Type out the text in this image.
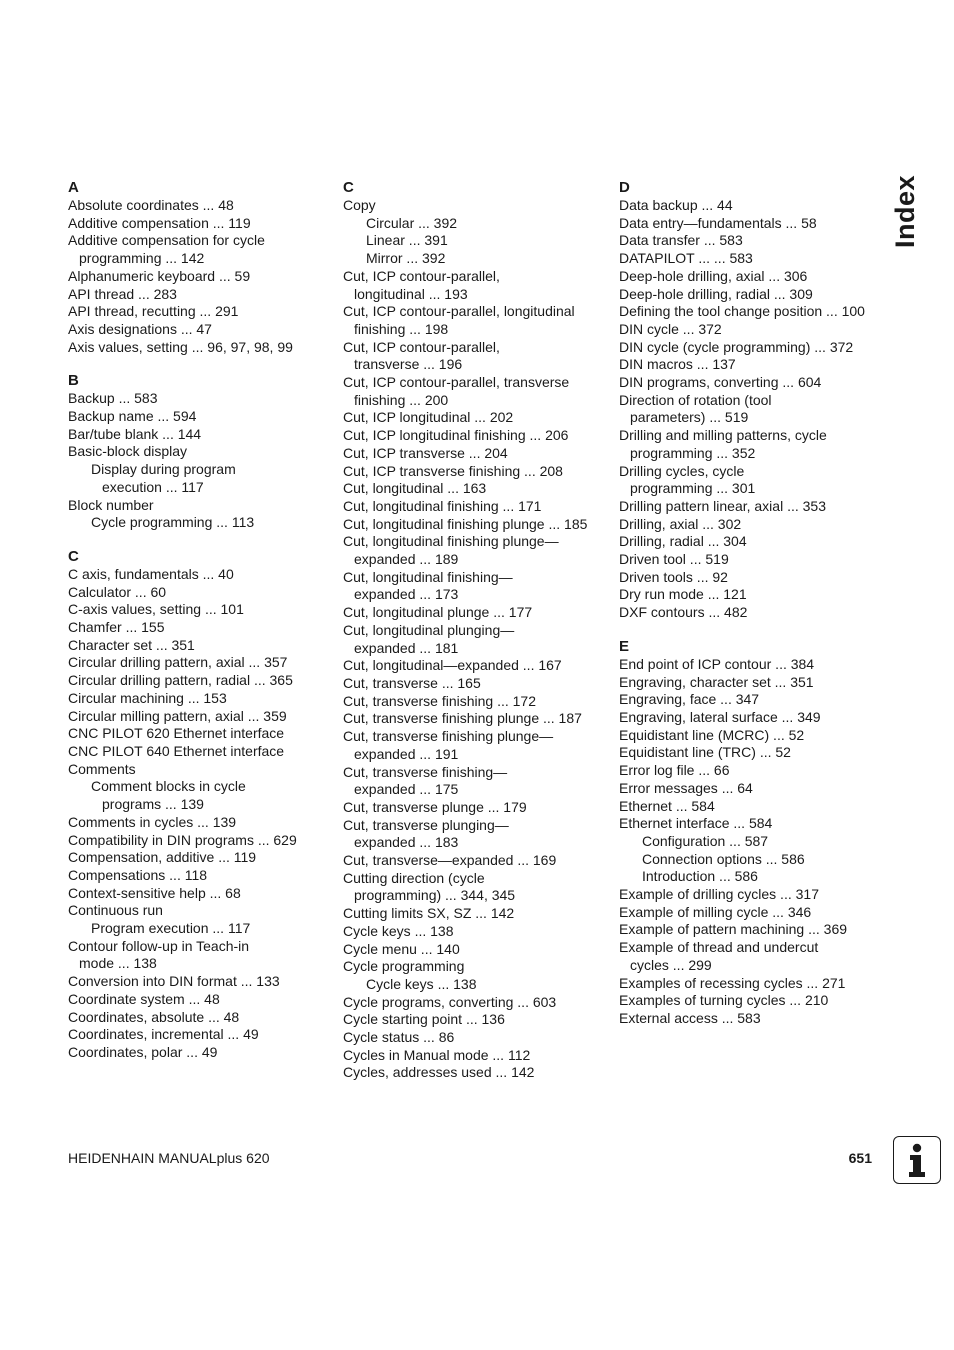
A
Absolute coordinates ... 48
Additive compensation ... 119
Additive compensation for cycle
programming ... 142
Alphanumeric keyboard ... 59
API thread ... 283
API thread, recutting ... 291
Axis designations ... 47
Axis values, setting ... 96, 97, 98, 99
B
Backup ... 583
Backup name ... 594
Bar/tube blank ... 144
Basic-block display
Display during program
execution ... 117
Block number
Cycle programming ... 113
C
C axis, fundamentals ... 40
Calculator ... 60
C-axis values, setting ... 101
Chamfer ... 155
Character set ... 351
Circular drilling pattern, axial ... 357
Circular drilling pattern, radial ... 365
Circular machining ... 153
Circular milling pattern, axial ... 359
CNC PILOT 620 Ethernet interface
CNC PILOT 640 Ethernet interface
Comments
Comment blocks in cycle
programs ... 139
Comments in cycles ... 139
Compatibility in DIN programs ... 629
Compensation, additive ... 119
Compensations ... 118
Context-sensitive help ... 68
Continuous run
Program execution ... 117
Contour follow-up in Teach-in
mode ... 138
Conversion into DIN format ... 133
Coordinate system ... 48
Coordinates, absolute ... 48
Coordinates, incremental ... 49
Coordinates, polar ... 49
C
Copy
Circular ... 392
Linear ... 391
Mirror ... 392
Cut, ICP contour-parallel,
longitudinal ... 193
Cut, ICP contour-parallel, longitudinal
finishing ... 198
Cut, ICP contour-parallel,
transverse ... 196
Cut, ICP contour-parallel, transverse
finishing ... 200
Cut, ICP longitudinal ... 202
Cut, ICP longitudinal finishing ... 206
Cut, ICP transverse ... 204
Cut, ICP transverse finishing ... 208
Cut, longitudinal ... 163
Cut, longitudinal finishing ... 171
Cut, longitudinal finishing plunge ... 185
Cut, longitudinal finishing plunge—
expanded ... 189
Cut, longitudinal finishing—
expanded ... 173
Cut, longitudinal plunge ... 177
Cut, longitudinal plunging—
expanded ... 181
Cut, longitudinal—expanded ... 167
Cut, transverse ... 165
Cut, transverse finishing ... 172
Cut, transverse finishing plunge ... 187
Cut, transverse finishing plunge—
expanded ... 191
Cut, transverse finishing—
expanded ... 175
Cut, transverse plunge ... 179
Cut, transverse plunging—
expanded ... 183
Cut, transverse—expanded ... 169
Cutting direction (cycle
programming) ... 344, 345
Cutting limits SX, SZ ... 142
Cycle keys ... 138
Cycle menu ... 140
Cycle programming
Cycle keys ... 138
Cycle programs, converting ... 603
Cycle starting point ... 136
Cycle status ... 86
Cycles in Manual mode ... 112
Cycles, addresses used ... 142
D
Data backup ... 44
Data entry—fundamentals ... 58
Data transfer ... 583
DATAPILOT ... ... 583
Deep-hole drilling, axial ... 306
Deep-hole drilling, radial ... 309
Defining the tool change position ... 100
DIN cycle ... 372
DIN cycle (cycle programming) ... 372
DIN macros ... 137
DIN programs, converting ... 604
Direction of rotation (tool
parameters) ... 519
Drilling and milling patterns, cycle
programming ... 352
Drilling cycles, cycle
programming ... 301
Drilling pattern linear, axial ... 353
Drilling, axial ... 302
Drilling, radial ... 304
Driven tool ... 519
Driven tools ... 92
Dry run mode ... 121
DXF contours ... 482
E
End point of ICP contour ... 384
Engraving, character set ... 351
Engraving, face ... 347
Engraving, lateral surface ... 349
Equidistant line (MCRC) ... 52
Equidistant line (TRC) ... 52
Error log file ... 66
Error messages ... 64
Ethernet ... 584
Ethernet interface ... 584
Configuration ... 587
Connection options ... 586
Introduction ... 586
Example of drilling cycles ... 317
Example of milling cycle ... 346
Example of pattern machining ... 369
Example of thread and undercut
cycles ... 299
Examples of recessing cycles ... 271
Examples of turning cycles ... 210
External access ... 583
Index
HEIDENHAIN MANUALplus 620	651
